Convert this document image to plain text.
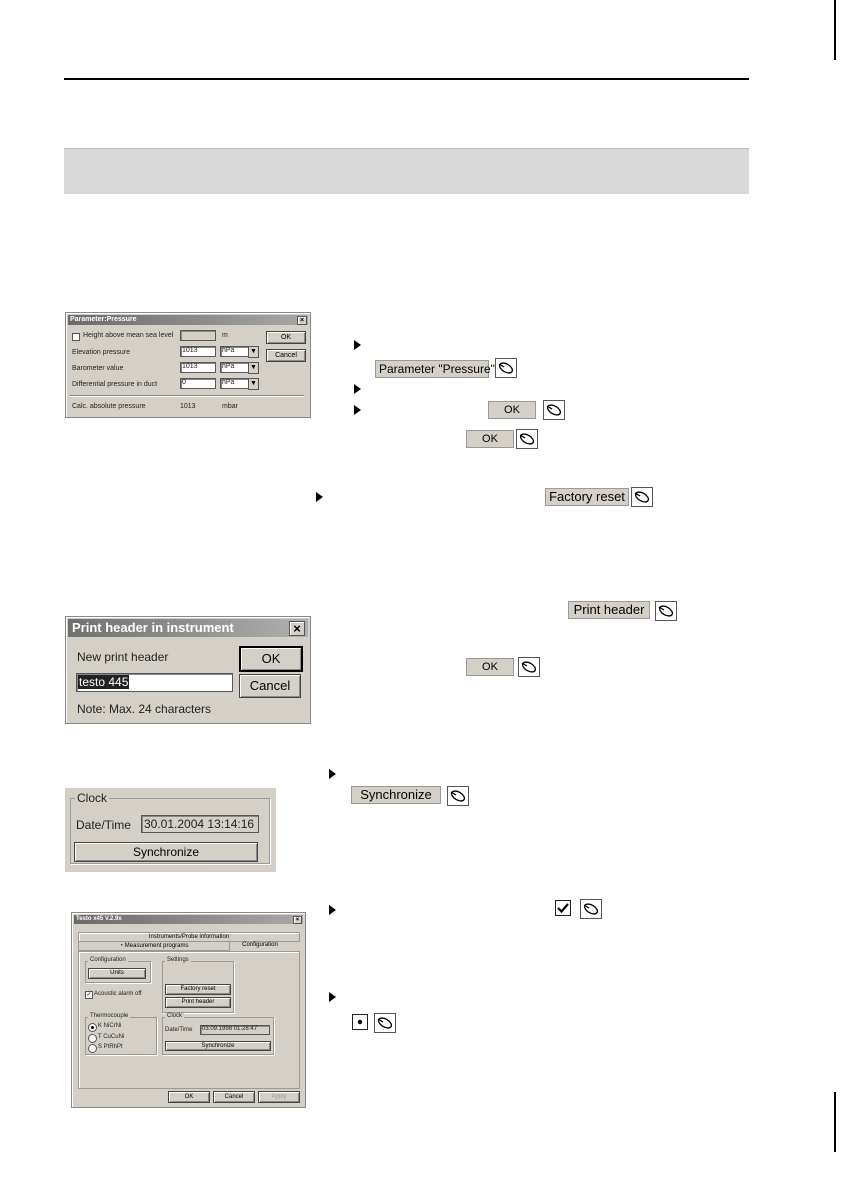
Parameter:Pressure	×
Height above mean sea level	m
Elevation pressure	1013	hPa ▼
Barometer value	1013	hPa ▼
Differential pressure in duct	0	hPa ▼
Calc. absolute pressure	1013	mbar
OK
Cancel
Parameter "Pressure"
OK
OK
Factory reset
Print header
OK
Print header in instrument	×
New print header
testo 445
Note: Max. 24 characters
OK
Cancel
Clock
Date/Time 30.01.2004 13:14:16
Synchronize
Synchronize
Testo x45 V.2.9x	×
Instruments/Probe information
◔ Measurement programs	Configuration
Configuration
Units
Settings
Factory reset
Print header
✓ Acoustic alarm off
Thermocouple
K NiCrNi
T CuCuNi
S PtRhPt
Clock
Date/Time 03.09.1998 01:28:47
Synchronize
OK	Cancel	Apply
